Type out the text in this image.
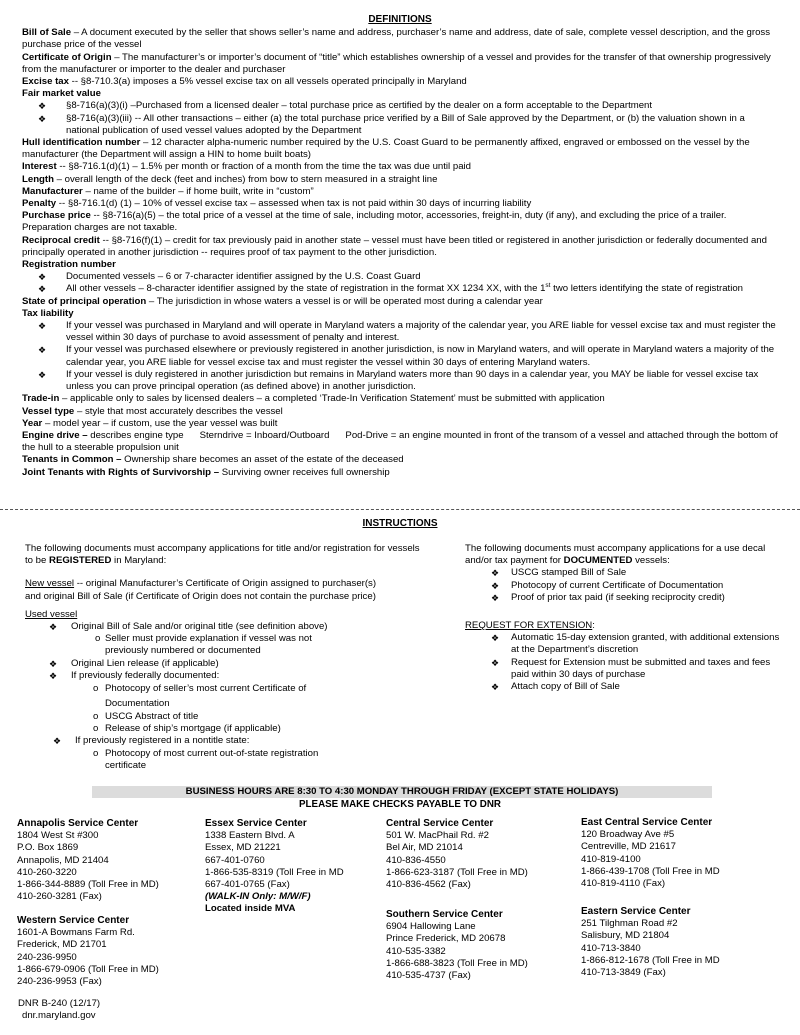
DEFINITIONS

Bill of Sale – A document executed by the seller that shows seller’s name and address, purchaser’s name and address, date of sale, complete vessel description, and the gross purchase price of the vessel

Certificate of Origin – The manufacturer’s or importer’s document of “title” which establishes ownership of a vessel and provides for the transfer of that ownership progressively from the manufacturer or importer to the dealer and purchaser

Excise tax -- §8-710.3(a) imposes a 5% vessel excise tax on all vessels operated principally in Maryland

Fair market value

❖	§8-716(a)(3)(i) –Purchased from a licensed dealer – total purchase price as certified by the dealer on a form acceptable to the Department
❖	§8-716(a)(3)(iii) -- All other transactions – either (a) the total purchase price verified by a Bill of Sale approved by the Department, or (b) the valuation shown in a national publication of used vessel values adopted by the Department

Hull identification number – 12 character alpha-numeric number required by the U.S. Coast Guard to be permanently affixed, engraved or embossed on the vessel by the manufacturer (the Department will assign a HIN to home built boats)

Interest -- §8-716.1(d)(1) – 1.5% per month or fraction of a month from the time the tax was due until paid

Length – overall length of the deck (feet and inches) from bow to stern measured in a straight line

Manufacturer – name of the builder – if home built, write in “custom”

Penalty -- §8-716.1(d) (1) – 10% of vessel excise tax – assessed when tax is not paid within 30 days of incurring liability

Purchase price -- §8-716(a)(5) – the total price of a vessel at the time of sale, including motor, accessories, freight-in, duty (if any), and excluding the price of a trailer. Preparation charges are not taxable.

Reciprocal credit -- §8-716(f)(1) – credit for tax previously paid in another state – vessel must have been titled or registered in another jurisdiction or federally documented and principally operated in another jurisdiction -- requires proof of tax payment to the other jurisdiction.

Registration number

❖	Documented vessels – 6 or 7-character identifier assigned by the U.S. Coast Guard
❖	All other vessels – 8-character identifier assigned by the state of registration in the format XX 1234 XX, with the 1st two letters identifying the state of registration

State of principal operation – The jurisdiction in whose waters a vessel is or will be operated most during a calendar year

Tax liability

❖	If your vessel was purchased in Maryland and will operate in Maryland waters a majority of the calendar year, you ARE liable for vessel excise tax and must register the vessel within 30 days of purchase to avoid assessment of penalty and interest.
❖	If your vessel was purchased elsewhere or previously registered in another jurisdiction, is now in Maryland waters, and will operate in Maryland waters a majority of the calendar year, you ARE liable for vessel excise tax and must register the vessel within 30 days of entering Maryland waters.
❖	If your vessel is duly registered in another jurisdiction but remains in Maryland waters more than 90 days in a calendar year, you MAY be liable for vessel excise tax unless you can prove principal operation (as defined above) in another jurisdiction.

Trade-in – applicable only to sales by licensed dealers – a completed ‘Trade-In Verification Statement’ must be submitted with application

Vessel type – style that most accurately describes the vessel

Year – model year – if custom, use the year vessel was built

Engine drive – describes engine type      Sterndrive = Inboard/Outboard      Pod-Drive = an engine mounted in front of the transom of a vessel and attached through the bottom of the hull to a steerable propulsion unit

Tenants in Common – Ownership share becomes an asset of the estate of the deceased

Joint Tenants with Rights of Survivorship – Surviving owner receives full ownership

INSTRUCTIONS
The following documents must accompany applications for title and/or registration for vessels to be REGISTERED in Maryland:
New vessel -- original Manufacturer’s Certificate of Origin assigned to purchaser(s) and original Bill of Sale (if Certificate of Origin does not contain the purchase price)
Used vessel
❖	Original Bill of Sale and/or original title (see definition above)
o Seller must provide explanation if vessel was not previously numbered or documented
❖	Original Lien release (if applicable)
❖	If previously federally documented:
o Photocopy of seller’s most current Certificate of Documentation
o USCG Abstract of title
o Release of ship’s mortgage (if applicable)
❖	If previously registered in a nontitle state:
o Photocopy of most current out-of-state registration certificate
The following documents must accompany applications for a use decal and/or tax payment for DOCUMENTED vessels:
❖	USCG stamped Bill of Sale
❖	Photocopy of current Certificate of Documentation
❖	Proof of prior tax paid (if seeking reciprocity credit)
REQUEST FOR EXTENSION:
❖	Automatic 15-day extension granted, with additional extensions at the Department’s discretion
❖	Request for Extension must be submitted and taxes and fees paid within 30 days of purchase
❖	Attach copy of Bill of Sale
BUSINESS HOURS ARE 8:30 TO 4:30 MONDAY THROUGH FRIDAY (EXCEPT STATE HOLIDAYS)
PLEASE MAKE CHECKS PAYABLE TO DNR
Annapolis Service Center
1804 West St #300
P.O. Box 1869
Annapolis, MD 21404
410-260-3220
1-866-344-8889 (Toll Free in MD)
410-260-3281 (Fax)
Western Service Center
1601-A Bowmans Farm Rd.
Frederick, MD 21701
240-236-9950
1-866-679-0906 (Toll Free in MD)
240-236-9953 (Fax)
Essex Service Center
1338 Eastern Blvd. A
Essex, MD 21221
667-401-0760
1-866-535-8319 (Toll Free in MD
667-401-0765 (Fax)
(WALK-IN Only: M/W/F)
Located inside MVA
Central Service Center
501 W. MacPhail Rd. #2
Bel Air, MD 21014
410-836-4550
1-866-623-3187 (Toll Free in MD)
410-836-4562 (Fax)
Southern Service Center
6904 Hallowing Lane
Prince Frederick, MD 20678
410-535-3382
1-866-688-3823 (Toll Free in MD)
410-535-4737 (Fax)
East Central Service Center
120 Broadway Ave #5
Centreville, MD 21617
410-819-4100
1-866-439-1708 (Toll Free in MD
410-819-4110 (Fax)
Eastern Service Center
251 Tilghman Road #2
Salisbury, MD 21804
410-713-3840
1-866-812-1678 (Toll Free in MD
410-713-3849 (Fax)
DNR B-240 (12/17)
dnr.maryland.gov
